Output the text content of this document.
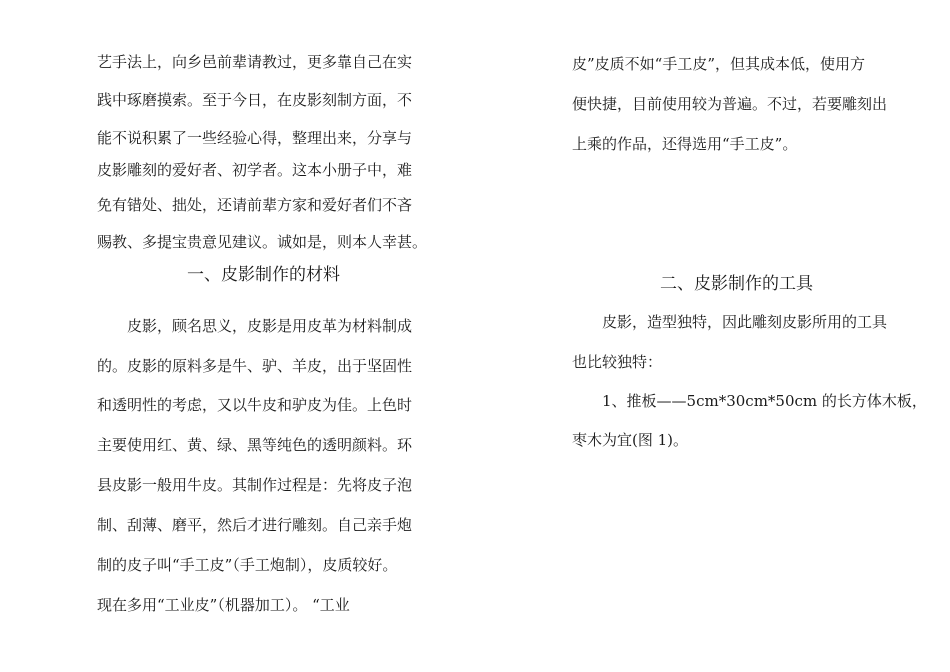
艺手法上，向乡邑前辈请教过，更多靠自己在实
践中琢磨摸索。至于今日，在皮影刻制方面，不
能不说积累了一些经验心得，整理出来，分享与
皮影雕刻的爱好者、初学者。这本小册子中，难
免有错处、拙处，还请前辈方家和爱好者们不吝
赐教、多提宝贵意见建议。诚如是，则本人幸甚。
一、皮影制作的材料
　　皮影，顾名思义，皮影是用皮革为材料制成
的。皮影的原料多是牛、驴、羊皮，出于坚固性
和透明性的考虑，又以牛皮和驴皮为佳。上色时
主要使用红、黄、绿、黑等纯色的透明颜料。环
县皮影一般用牛皮。其制作过程是：先将皮子泡
制、刮薄、磨平，然后才进行雕刻。自己亲手炮
制的皮子叫“手工皮”（手工炮制），皮质较好。
现在多用“工业皮”（机器加工）。 “工业
皮”皮质不如“手工皮”，但其成本低，使用方
便快捷，目前使用较为普遍。不过，若要雕刻出
上乘的作品，还得选用“手工皮”。
二、皮影制作的工具
　　皮影，造型独特，因此雕刻皮影所用的工具
也比较独特：
　　1、推板——5cm*30cm*50cm 的长方体木板，
枣木为宜(图 1)。
